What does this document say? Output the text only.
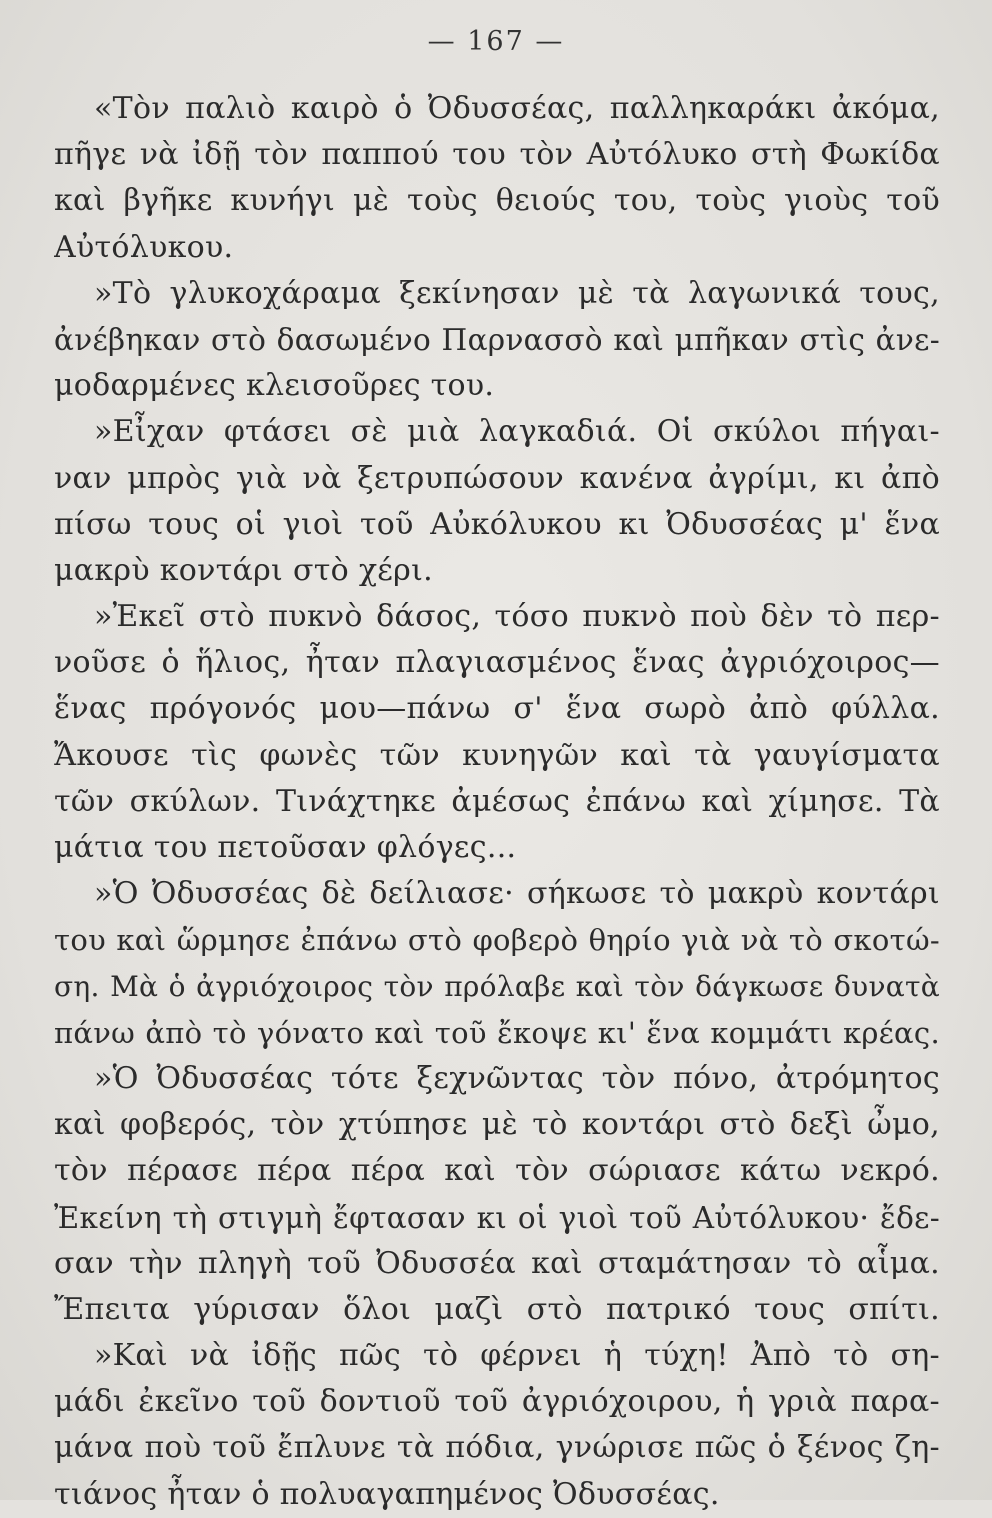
— 167 —
«Τὸν παλιὸ καιρὸ ὁ Ὀδυσσέας, παλληκαράκι ἀκόμα,
πῆγε νὰ ἰδῇ τὸν παππού του τὸν Αὐτόλυκο στὴ Φωκίδα
καὶ βγῆκε κυνήγι μὲ τοὺς θειούς του, τοὺς γιοὺς τοῦ
Αὐτόλυκου.
»Τὸ γλυκοχάραμα ξεκίνησαν μὲ τὰ λαγωνικά τους,
ἀνέβηκαν στὸ δασωμένο Παρνασσὸ καὶ μπῆκαν στὶς ἀνε-
μοδαρμένες κλεισοῦρες του.
»Εἶχαν φτάσει σὲ μιὰ λαγκαδιά. Οἱ σκύλοι πήγαι-
ναν μπρὸς γιὰ νὰ ξετρυπώσουν κανένα ἀγρίμι, κι ἀπὸ
πίσω τους οἱ γιοὶ τοῦ Αὐκόλυκου κι Ὀδυσσέας μ' ἕνα
μακρὺ κοντάρι στὸ χέρι.
»Ἐκεῖ στὸ πυκνὸ δάσος, τόσο πυκνὸ ποὺ δὲν τὸ περ-
νοῦσε ὁ ἥλιος, ἦταν πλαγιασμένος ἕνας ἀγριόχοιρος—
ἕνας πρόγονός μου—πάνω σ' ἕνα σωρὸ ἀπὸ φύλλα.
Ἄκουσε τὶς φωνὲς τῶν κυνηγῶν καὶ τὰ γαυγίσματα
τῶν σκύλων. Τινάχτηκε ἀμέσως ἐπάνω καὶ χίμησε. Τὰ
μάτια του πετοῦσαν φλόγες...
»Ὁ Ὀδυσσέας δὲ δείλιασε· σήκωσε τὸ μακρὺ κοντάρι
του καὶ ὥρμησε ἐπάνω στὸ φοβερὸ θηρίο γιὰ νὰ τὸ σκοτώ-
ση. Μὰ ὁ ἀγριόχοιρος τὸν πρόλαβε καὶ τὸν δάγκωσε δυνατὰ
πάνω ἀπὸ τὸ γόνατο καὶ τοῦ ἔκοψε κι' ἕνα κομμάτι κρέας.
»Ὁ Ὀδυσσέας τότε ξεχνῶντας τὸν πόνο, ἀτρόμητος
καὶ φοβερός, τὸν χτύπησε μὲ τὸ κοντάρι στὸ δεξὶ ὦμο,
τὸν πέρασε πέρα πέρα καὶ τὸν σώριασε κάτω νεκρό.
Ἐκείνη τὴ στιγμὴ ἔφτασαν κι οἱ γιοὶ τοῦ Αὐτόλυκου· ἔδε-
σαν τὴν πληγὴ τοῦ Ὀδυσσέα καὶ σταμάτησαν τὸ αἷμα.
Ἔπειτα γύρισαν ὅλοι μαζὶ στὸ πατρικό τους σπίτι.
»Καὶ νὰ ἰδῇς πῶς τὸ φέρνει ἡ τύχη! Ἀπὸ τὸ ση-
μάδι ἐκεῖνο τοῦ δοντιοῦ τοῦ ἀγριόχοιρου, ἡ γριὰ παρα-
μάνα ποὺ τοῦ ἔπλυνε τὰ πόδια, γνώρισε πῶς ὁ ξένος ζη-
τιάνος ἦταν ὁ πολυαγαπημένος Ὀδυσσέας.
